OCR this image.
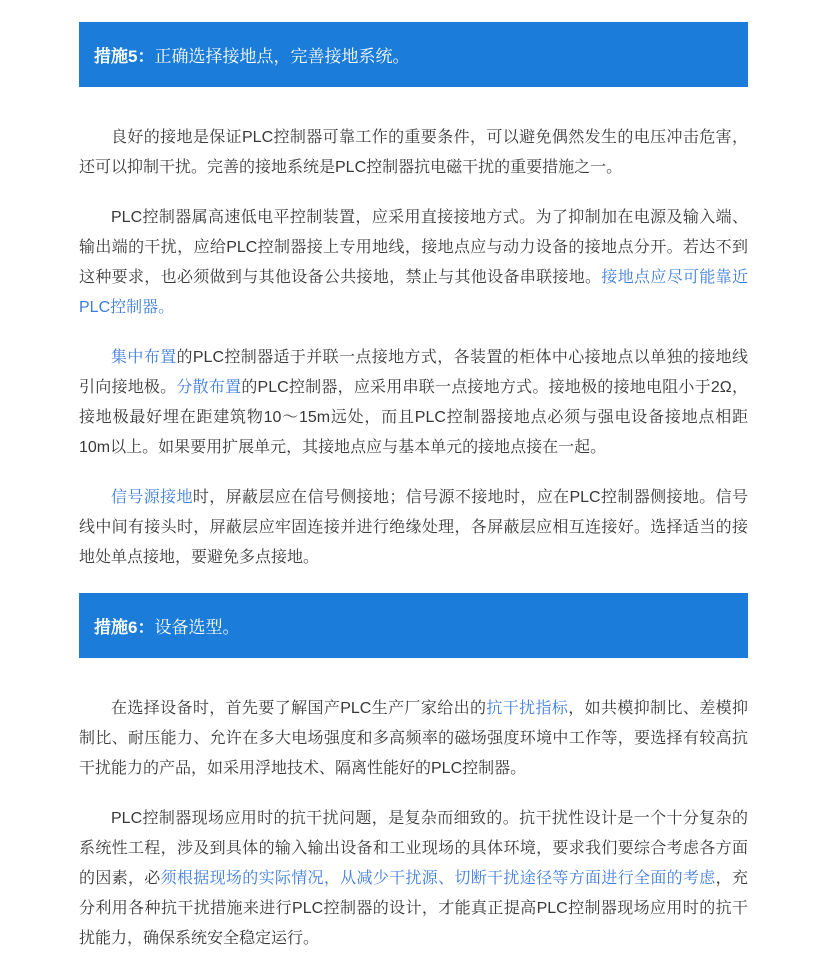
措施5： 正确选择接地点，完善接地系统。

良好的接地是保证PLC控制器可靠工作的重要条件，可以避免偶然发生的电压冲击危害，还可以抑制干扰。完善的接地系统是PLC控制器抗电磁干扰的重要措施之一。

PLC控制器属高速低电平控制装置，应采用直接接地方式。为了抑制加在电源及输入端、输出端的干扰，应给PLC控制器接上专用地线，接地点应与动力设备的接地点分开。若达不到这种要求，也必须做到与其他设备公共接地，禁止与其他设备串联接地。接地点应尽可能靠近PLC控制器。

集中布置的PLC控制器适于并联一点接地方式，各装置的柜体中心接地点以单独的接地线引向接地极。分散布置的PLC控制器，应采用串联一点接地方式。接地极的接地电阻小于2Ω，接地极最好埋在距建筑物10～15m远处，而且PLC控制器接地点必须与强电设备接地点相距10m以上。如果要用扩展单元，其接地点应与基本单元的接地点接在一起。

信号源接地时，屏蔽层应在信号侧接地；信号源不接地时，应在PLC控制器侧接地。信号线中间有接头时，屏蔽层应牢固连接并进行绝缘处理，各屏蔽层应相互连接好。选择适当的接地处单点接地，要避免多点接地。

措施6： 设备选型。

在选择设备时，首先要了解国产PLC生产厂家给出的抗干扰指标，如共模抑制比、差模抑制比、耐压能力、允许在多大电场强度和多高频率的磁场强度环境中工作等，要选择有较高抗干扰能力的产品，如采用浮地技术、隔离性能好的PLC控制器。

PLC控制器现场应用时的抗干扰问题，是复杂而细致的。抗干扰性设计是一个十分复杂的系统性工程，涉及到具体的输入输出设备和工业现场的具体环境，要求我们要综合考虑各方面的因素，必须根据现场的实际情况，从减少干扰源、切断干扰途径等方面进行全面的考虑，充分利用各种抗干扰措施来进行PLC控制器的设计，才能真正提高PLC控制器现场应用时的抗干扰能力，确保系统安全稳定运行。
